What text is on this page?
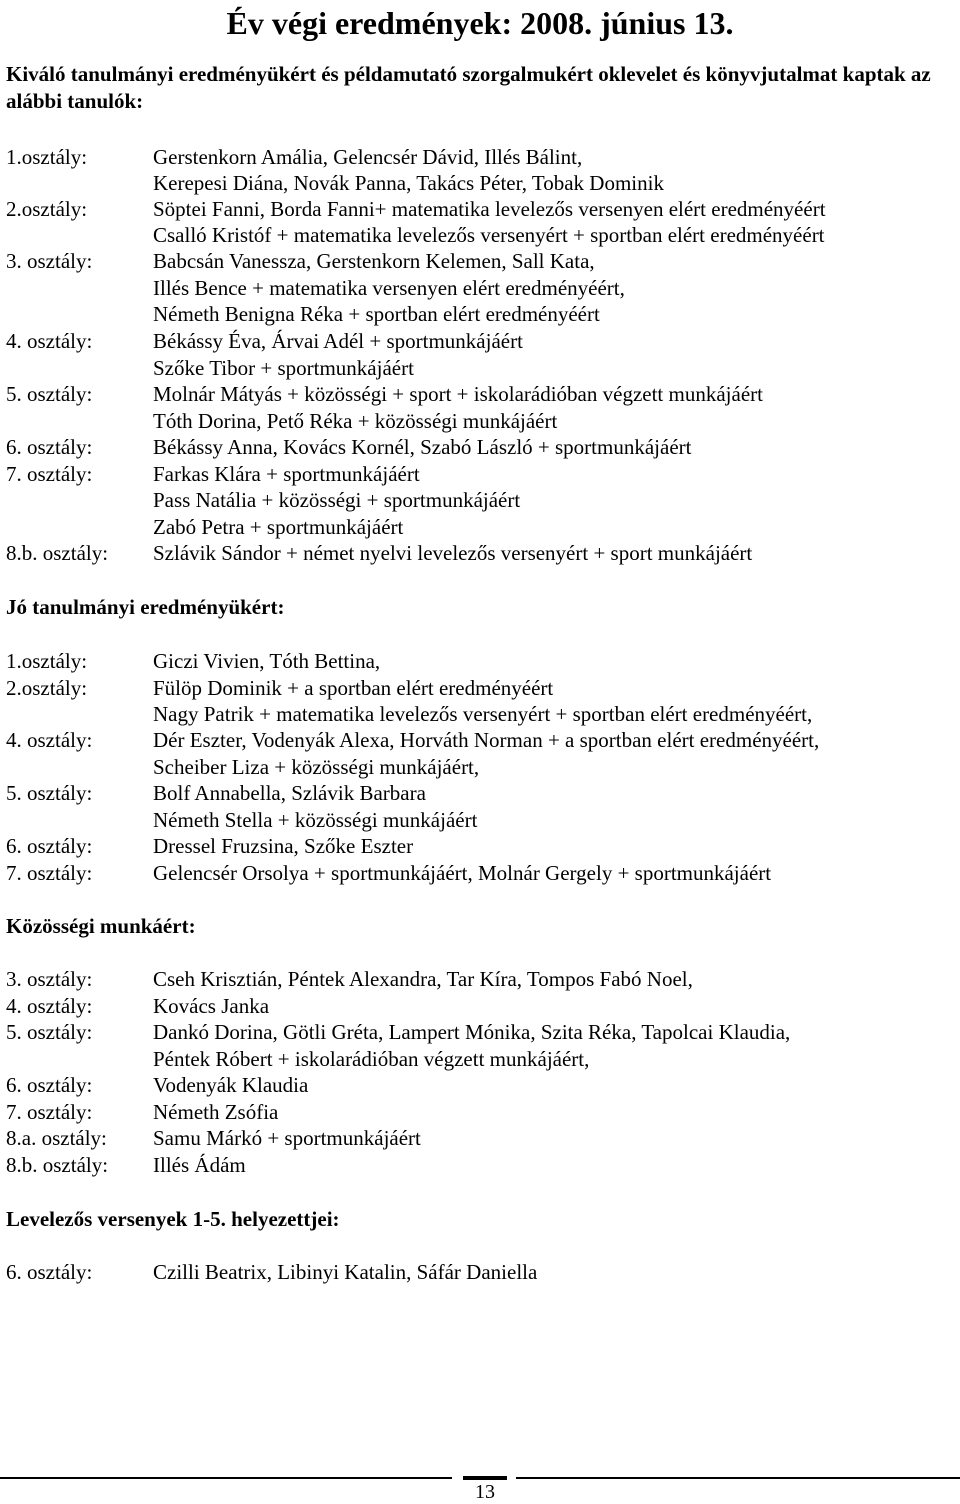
Év végi eredmények: 2008. június 13.
Kiváló tanulmányi eredményükért és példamutató szorgalmukért oklevelet és könyvjutalmat kaptak az alábbi tanulók:
1.osztály:	Gerstenkorn Amália, Gelencsér Dávid, Illés Bálint,
Kerepesi Diána, Novák Panna, Takács Péter, Tobak Dominik
2.osztály:	Söptei Fanni, Borda Fanni+ matematika levelezős versenyen elért eredményéért
Csalló Kristóf + matematika levelezős versenyért + sportban elért eredményéért
3. osztály:	Babcsán Vanessza, Gerstenkorn Kelemen, Sall Kata,
Illés Bence + matematika versenyen elért eredményéért,
Németh Benigna Réka + sportban elért eredményéért
4. osztály:	Békássy Éva, Árvai Adél + sportmunkájáért
Szőke Tibor + sportmunkájáért
5. osztály:	Molnár Mátyás + közösségi + sport + iskolarádióban végzett munkájáért
Tóth Dorina, Pető Réka + közösségi munkájáért
6. osztály:	Békássy Anna, Kovács Kornél, Szabó László + sportmunkájáért
7. osztály:	Farkas Klára + sportmunkájáért
Pass Natália + közösségi + sportmunkájáért
Zabó Petra + sportmunkájáért
8.b. osztály: Szlávik Sándor + német nyelvi levelezős versenyért + sport munkájáért
Jó tanulmányi eredményükért:
1.osztály:	Giczi Vivien, Tóth Bettina,
2.osztály:	Fülöp Dominik + a sportban elért eredményéért
Nagy Patrik + matematika levelezős versenyért + sportban elért eredményéért,
4. osztály:	Dér Eszter, Vodenyák Alexa, Horváth Norman + a sportban elért eredményéért,
Scheiber Liza + közösségi munkájáért,
5. osztály:	Bolf Annabella, Szlávik Barbara
Németh Stella + közösségi munkájáért
6. osztály:	Dressel Fruzsina, Szőke Eszter
7. osztály:	Gelencsér Orsolya + sportmunkájáért, Molnár Gergely + sportmunkájáért
Közösségi munkáért:
3. osztály:	Cseh Krisztián, Péntek Alexandra, Tar Kíra, Tompos Fabó Noel,
4. osztály:	Kovács Janka
5. osztály:	Dankó Dorina, Götli Gréta, Lampert Mónika, Szita Réka, Tapolcai Klaudia,
Péntek Róbert + iskolarádióban végzett munkájáért,
6. osztály:	Vodenyák Klaudia
7. osztály:	Németh Zsófia
8.a. osztály: Samu Márkó + sportmunkájáért
8.b. osztály: Illés Ádám
Levelezős versenyek 1-5. helyezettjei:
6. osztály:	Czilli Beatrix, Libinyi Katalin, Sáfár Daniella
13
